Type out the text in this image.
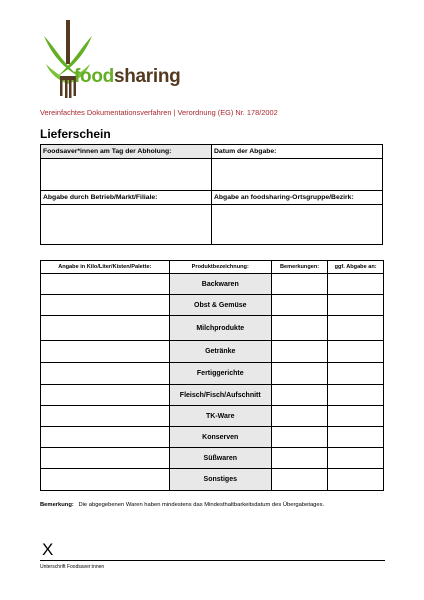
foodsharing
Vereinfachtes Dokumentationsverfahren | Verordnung (EG) Nr. 178/2002
Lieferschein
Foodsaver*innen am Tag der Abholung:	Datum der Abgabe:

Abgabe durch Betrieb/Markt/Filiale:	Abgabe an foodsharing-Ortsgruppe/Bezirk:

Angabe in Kilo/Liter/Kisten/Palette:	Produktbezeichnung:	Bemerkungen:	ggf. Abgabe an:
	Backwaren		
	Obst & Gemüse		
	Milchprodukte		
	Getränke		
	Fertiggerichte		
	Fleisch/Fisch/Aufschnitt		
	TK-Ware		
	Konserven		
	Süßwaren		
	Sonstiges		
Bemerkung: Die abgegebenen Waren haben mindestens das Mindesthaltbarkeitsdatum des Übergabetages.
X
Unterschrift Foodsaver:innen
